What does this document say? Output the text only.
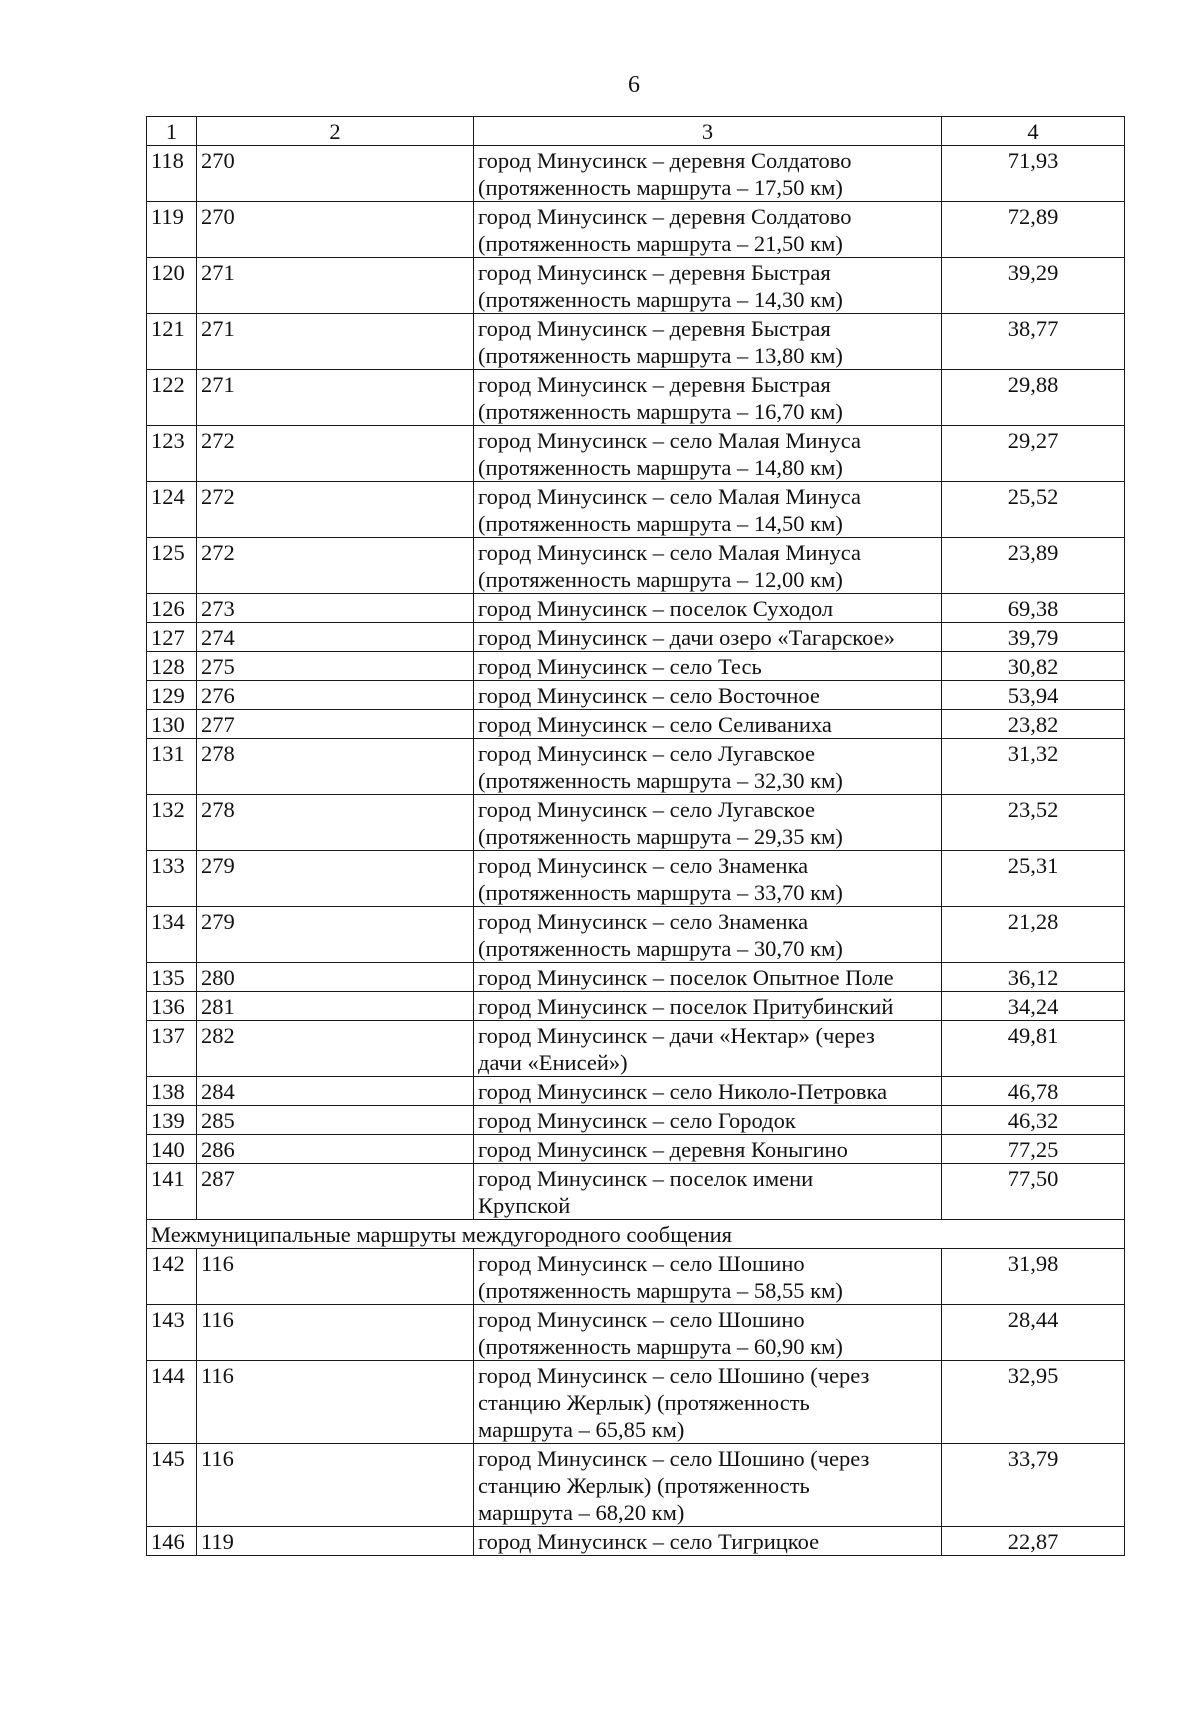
6
1	2	3	4
118	270	город Минусинск – деревня Солдатово
(протяженность маршрута – 17,50 км)	71,93
119	270	город Минусинск – деревня Солдатово
(протяженность маршрута – 21,50 км)	72,89
120	271	город Минусинск – деревня Быстрая
(протяженность маршрута – 14,30 км)	39,29
121	271	город Минусинск – деревня Быстрая
(протяженность маршрута – 13,80 км)	38,77
122	271	город Минусинск – деревня Быстрая
(протяженность маршрута – 16,70 км)	29,88
123	272	город Минусинск – село Малая Минуса
(протяженность маршрута – 14,80 км)	29,27
124	272	город Минусинск – село Малая Минуса
(протяженность маршрута – 14,50 км)	25,52
125	272	город Минусинск – село Малая Минуса
(протяженность маршрута – 12,00 км)	23,89
126	273	город Минусинск – поселок Суходол	69,38
127	274	город Минусинск – дачи озеро «Тагарское»	39,79
128	275	город Минусинск – село Тесь	30,82
129	276	город Минусинск – село Восточное	53,94
130	277	город Минусинск – село Селиваниха	23,82
131	278	город Минусинск – село Лугавское
(протяженность маршрута – 32,30 км)	31,32
132	278	город Минусинск – село Лугавское
(протяженность маршрута – 29,35 км)	23,52
133	279	город Минусинск – село Знаменка
(протяженность маршрута – 33,70 км)	25,31
134	279	город Минусинск – село Знаменка
(протяженность маршрута – 30,70 км)	21,28
135	280	город Минусинск – поселок Опытное Поле	36,12
136	281	город Минусинск – поселок Притубинский	34,24
137	282	город Минусинск – дачи «Нектар» (через
дачи «Енисей»)	49,81
138	284	город Минусинск – село Николо-Петровка	46,78
139	285	город Минусинск – село Городок	46,32
140	286	город Минусинск – деревня Коныгино	77,25
141	287	город Минусинск – поселок имени
Крупской	77,50
Межмуниципальные маршруты междугородного сообщения			
142	116	город Минусинск – село Шошино
(протяженность маршрута – 58,55 км)	31,98
143	116	город Минусинск – село Шошино
(протяженность маршрута – 60,90 км)	28,44
144	116	город Минусинск – село Шошино (через
станцию Жерлык) (протяженность
маршрута – 65,85 км)	32,95
145	116	город Минусинск – село Шошино (через
станцию Жерлык) (протяженность
маршрута – 68,20 км)	33,79
146	119	город Минусинск – село Тигрицкое	22,87
